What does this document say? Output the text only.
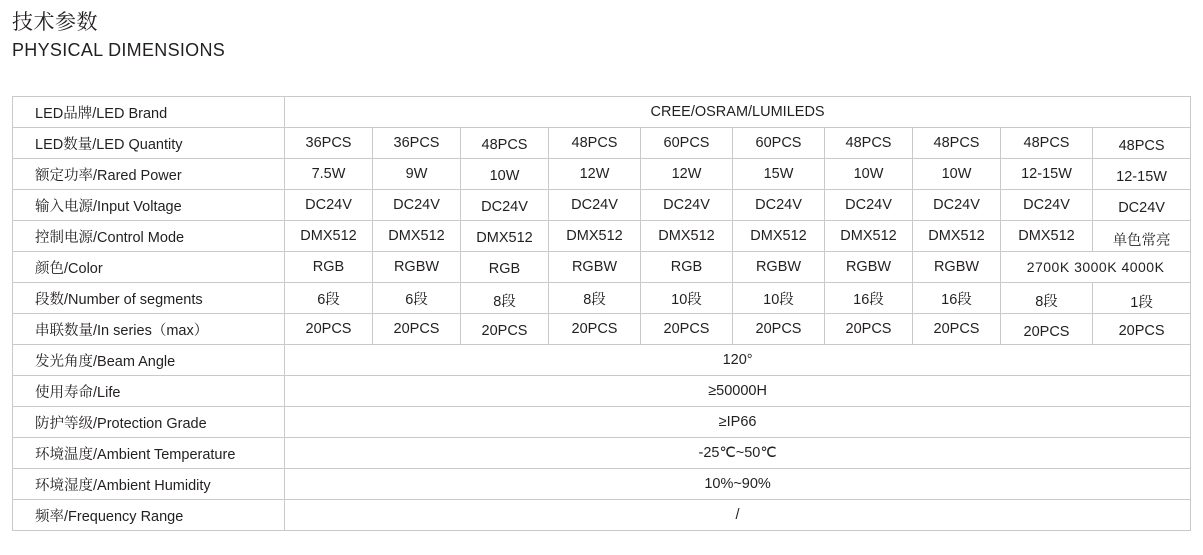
技术参数
PHYSICAL DIMENSIONS
LED品牌/LED Brand	CREE/OSRAM/LUMILEDS									
LED数量/LED Quantity	36PCS	36PCS	48PCS	48PCS	60PCS	60PCS	48PCS	48PCS	48PCS	48PCS
额定功率/Rared Power	7.5W	9W	10W	12W	12W	15W	10W	10W	12-15W	12-15W
输入电源/Input Voltage	DC24V	DC24V	DC24V	DC24V	DC24V	DC24V	DC24V	DC24V	DC24V	DC24V
控制电源/Control Mode	DMX512	DMX512	DMX512	DMX512	DMX512	DMX512	DMX512	DMX512	DMX512	单色常亮
颜色/Color	RGB	RGBW	RGB	RGBW	RGB	RGBW	RGBW	RGBW	2700K 3000K 4000K	
段数/Number of segments	6段	6段	8段	8段	10段	10段	16段	16段	8段	1段
串联数量/In series（max）	20PCS	20PCS	20PCS	20PCS	20PCS	20PCS	20PCS	20PCS	20PCS	20PCS
发光角度/Beam Angle	120°									
使用寿命/Life	≥50000H									
防护等级/Protection Grade	≥IP66									
环境温度/Ambient Temperature	-25℃~50℃									
环境湿度/Ambient Humidity	10%~90%									
频率/Frequency Range	/									
